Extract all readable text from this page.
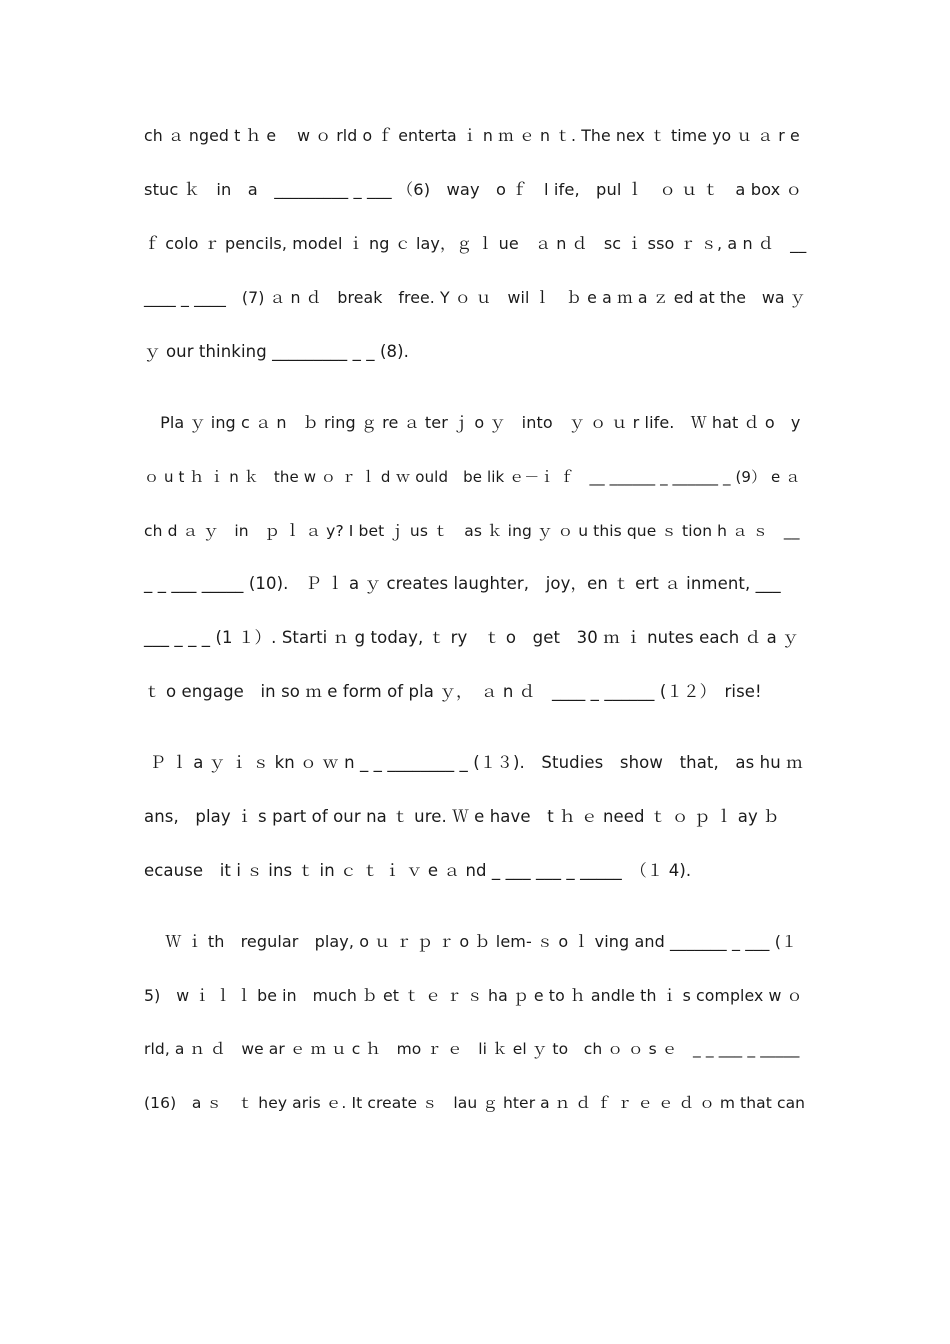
ch ａ nged t ｈ e　 w ｏ rld o ｆ enterta ｉ n ｍ ｅ n ｔ. The nex ｔ time yo ｕ ａ r e
stuc ｋ　in　a　_________ _ ___ （6)　way　o ｆ　l ife,　pul ｌ　ｏ ｕ ｔ　a box ｏ
ｆ colo ｒ pencils, model ｉ ng ｃ lay，ｇ ｌ ue　ａ n ｄ　sc ｉ sso ｒ ｓ, a n ｄ　__
____ _ ____　(7) ａ n ｄ　break　free. Y ｏ ｕ　wil ｌ　ｂ e a ｍ a ｚ ed at the　wa ｙ
ｙ our thinking _________ _ _ (8).
　Pla ｙ ing c ａ n　ｂ ring ｇ re ａ ter ｊ o ｙ　into　ｙ ｏ ｕ r life.　Ｗ hat ｄ o　y
ｏ u t ｈ ｉ n ｋ　the w ｏ ｒ ｌ d ｗ ould　be lik ｅ－ｉ ｆ　__ ______ _ ______ _ (9） e ａ
ch d ａ ｙ　in　ｐ ｌ ａ y? I bet ｊ us ｔ　as ｋ ing ｙ ｏ u this que ｓ tion h ａ ｓ　__
_ _ ___ _____ (10).　Ｐ ｌ a ｙ creates laughter,　joy，en ｔ ert ａ inment, ___
___ _ _ _ (1 １）. Starti ｎ g today, ｔ ry　ｔ o　get　30 ｍ ｉ nutes each ｄ a ｙ
ｔ o engage　in so ｍ e form of pla ｙ，　ａ n ｄ　____ _ ______ (１２）　rise!
Ｐ ｌ a ｙ ｉ ｓ kn ｏ ｗ n _ _ ________ _ (１３).　Studies　show　that,　as hu ｍ
ans,　play ｉ s part of our na ｔ ure. Ｗ e have　t ｈ ｅ need ｔ ｏ ｐ ｌ ay ｂ
ecause　it i ｓ ins ｔ in ｃ ｔ ｉ ｖ e ａ nd _ ___ ___ _ _____　（１ 4).
　 Ｗ ｉ th　regular　play, o ｕ ｒ ｐ ｒ o ｂ lem- ｓ o ｌ ving and _______ _ ___ (１
5)　w ｉ ｌ ｌ be in　much ｂ et ｔ ｅ ｒ ｓ ha ｐ e to ｈ andle th ｉ s complex w ｏ
rld, a ｎ ｄ　we ar ｅ ｍ ｕ c ｈ　mo ｒ ｅ　li ｋ el ｙ to　ch ｏ ｏ s ｅ　_ _ ___ _ _____
(16)　a ｓ　ｔ hey aris ｅ. It create ｓ　lau ｇ hter a ｎ ｄ ｆ ｒ ｅ ｅ ｄ ｏ m that can
